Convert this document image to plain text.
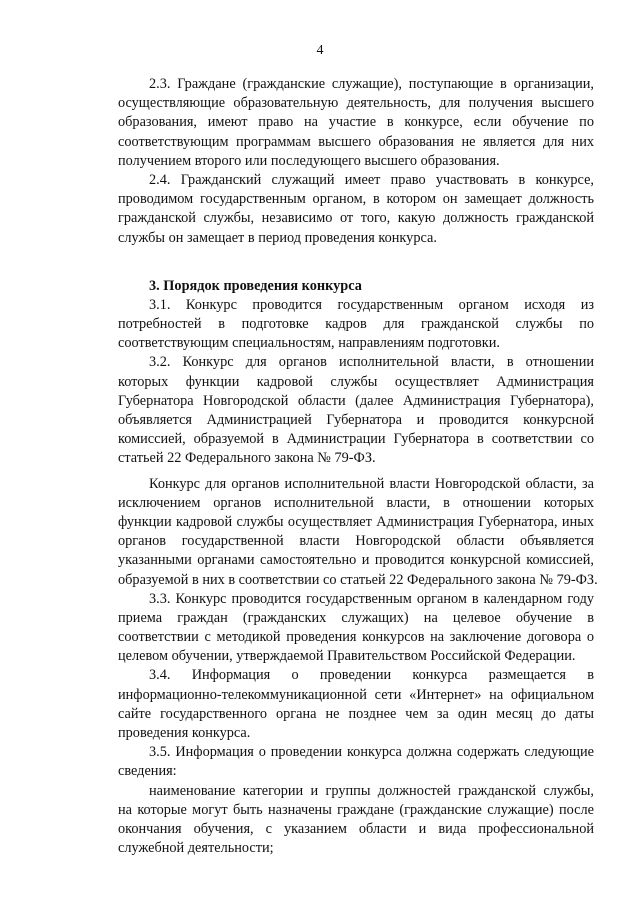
4
2.3. Граждане (гражданские служащие), поступающие в организации,
осуществляющие образовательную деятельность, для получения высшего
образования, имеют право на участие в конкурсе, если обучение по
соответствующим программам высшего образования не является для них
получением второго или последующего высшего образования.
2.4. Гражданский служащий имеет право участвовать в конкурсе,
проводимом государственным органом, в котором он замещает должность
гражданской службы, независимо от того, какую должность гражданской
службы он замещает в период проведения конкурса.
3. Порядок проведения конкурса
3.1. Конкурс проводится государственным органом исходя из
потребностей в подготовке кадров для гражданской службы по
соответствующим специальностям, направлениям подготовки.
3.2. Конкурс для органов исполнительной власти, в отношении
которых функции кадровой службы осуществляет Администрация
Губернатора Новгородской области (далее Администрация Губернатора),
объявляется Администрацией Губернатора и проводится конкурсной
комиссией, образуемой в Администрации Губернатора в соответствии со
статьей 22 Федерального закона № 79-ФЗ.
Конкурс для органов исполнительной власти Новгородской области, за
исключением органов исполнительной власти, в отношении которых
функции кадровой службы осуществляет Администрация Губернатора, иных
органов государственной власти Новгородской области объявляется
указанными органами самостоятельно и проводится конкурсной комиссией,
образуемой в них в соответствии со статьей 22 Федерального закона № 79-ФЗ.
3.3. Конкурс проводится государственным органом в календарном году
приема граждан (гражданских служащих) на целевое обучение в
соответствии с методикой проведения конкурсов на заключение договора о
целевом обучении, утверждаемой Правительством Российской Федерации.
3.4. Информация о проведении конкурса размещается в
информационно-телекоммуникационной сети «Интернет» на официальном
сайте государственного органа не позднее чем за один месяц до даты
проведения конкурса.
3.5. Информация о проведении конкурса должна содержать следующие
сведения:
наименование категории и группы должностей гражданской службы,
на которые могут быть назначены граждане (гражданские служащие) после
окончания обучения, с указанием области и вида профессиональной
служебной деятельности;
